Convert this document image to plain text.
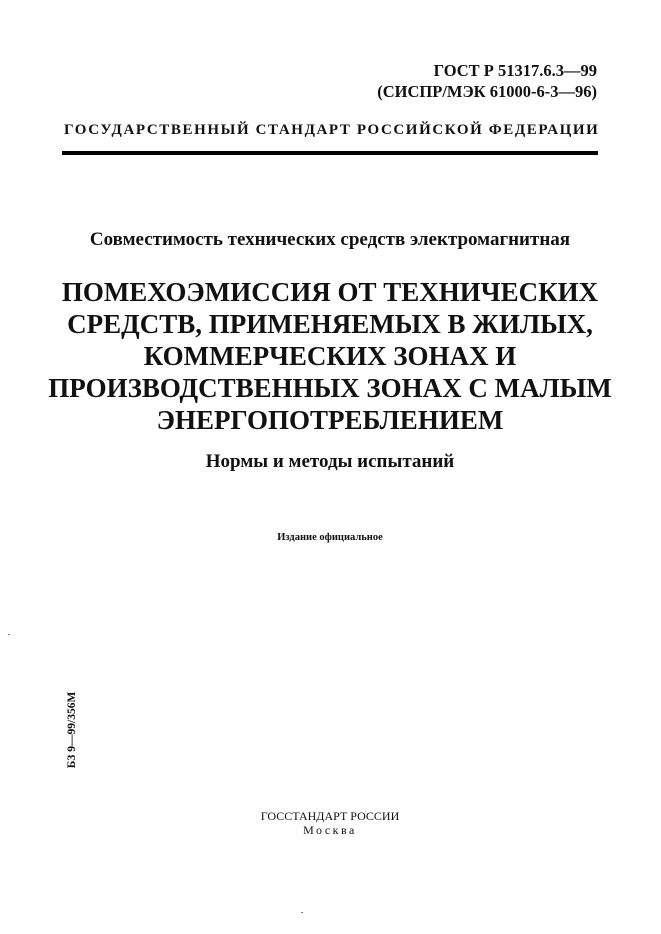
ГОСТ Р 51317.6.3—99
(СИСПР/МЭК 61000-6-3—96)
ГОСУДАРСТВЕННЫЙ СТАНДАРТ РОССИЙСКОЙ ФЕДЕРАЦИИ
Совместимость технических средств электромагнитная
ПОМЕХОЭМИССИЯ ОТ ТЕХНИЧЕСКИХ
СРЕДСТВ, ПРИМЕНЯЕМЫХ В ЖИЛЫХ,
КОММЕРЧЕСКИХ ЗОНАХ И
ПРОИЗВОДСТВЕННЫХ ЗОНАХ С МАЛЫМ
ЭНЕРГОПОТРЕБЛЕНИЕМ
Нормы и методы испытаний
Издание официальное
БЗ 9—99/356М
ГОССТАНДАРТ РОССИИ
Москва
